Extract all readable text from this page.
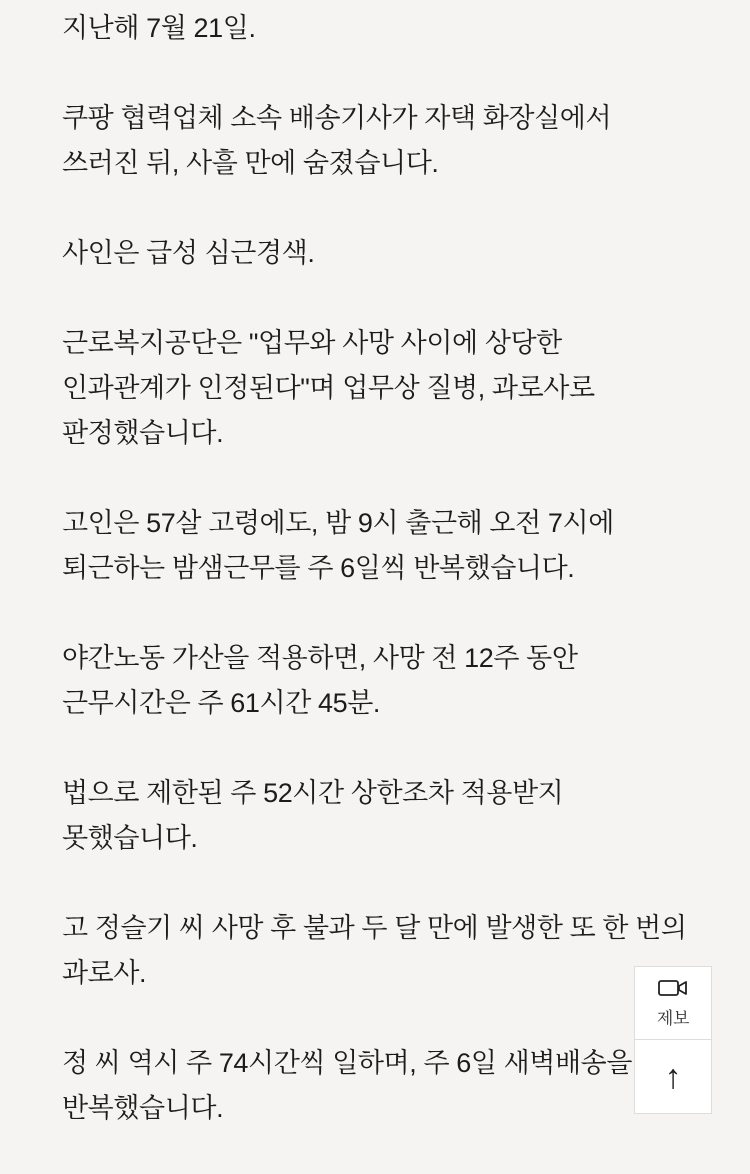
지난해 7월 21일.

쿠팡 협력업체 소속 배송기사가 자택 화장실에서 쓰러진 뒤, 사흘 만에 숨졌습니다.

사인은 급성 심근경색.

근로복지공단은 "업무와 사망 사이에 상당한 인과관계가 인정된다"며 업무상 질병, 과로사로 판정했습니다.

고인은 57살 고령에도, 밤 9시 출근해 오전 7시에 퇴근하는 밤샘근무를 주 6일씩 반복했습니다.

야간노동 가산을 적용하면, 사망 전 12주 동안 근무시간은 주 61시간 45분.

법으로 제한된 주 52시간 상한조차 적용받지 못했습니다.

고 정슬기 씨 사망 후 불과 두 달 만에 발생한 또 한 번의 과로사.

정 씨 역시 주 74시간씩 일하며, 주 6일 새벽배송을 반복했습니다.

제보
↑
